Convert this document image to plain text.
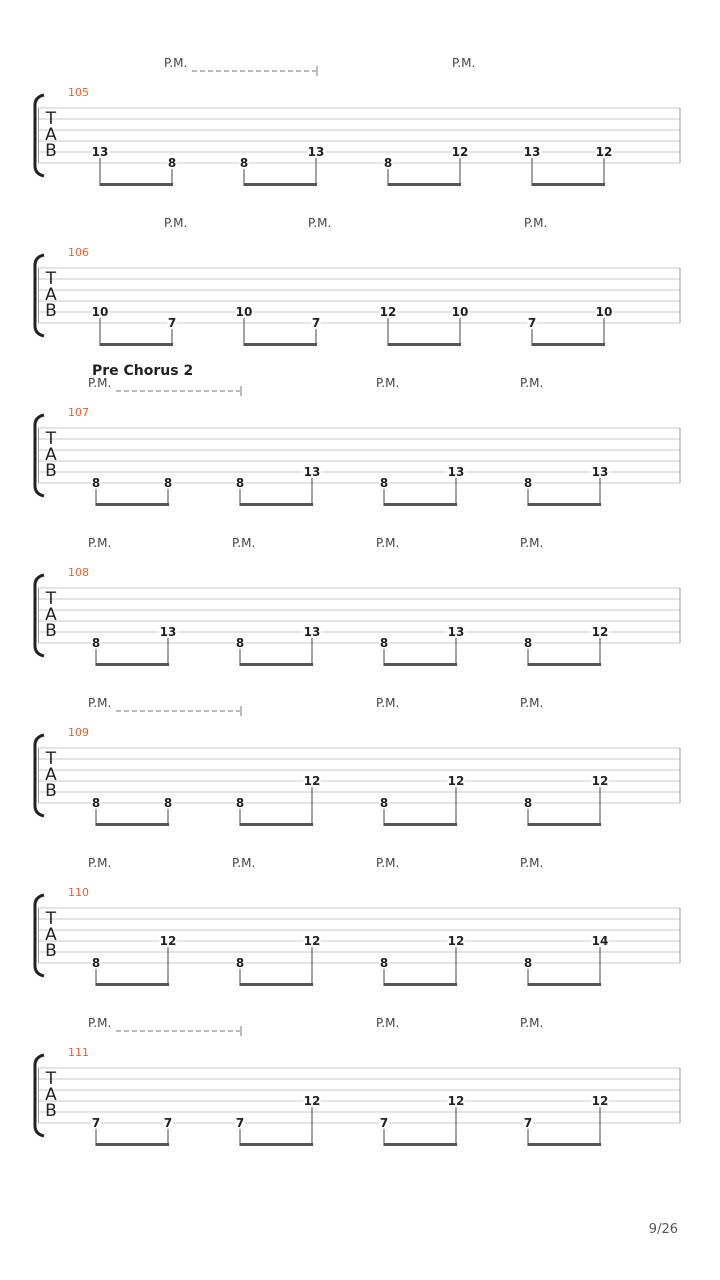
T
A
B
105
P.M.	P.M.
13
8	8
13
8
12	13	12
T
A
B
106
P.M.	P.M.	P.M.
10
7
10
7
12	10
7
10
T
A
B
107
Pre Chorus 2
P.M.	P.M.	P.M.
8	8	8
13
8
13
8
13
T
A
B
108
P.M.	P.M.	P.M.	P.M.
8
13
8
13
8
13
8
12
T
A
B
109
P.M.	P.M.	P.M.
8	8	8
12
8
12
8
12
T
A
B
110
P.M.	P.M.	P.M.	P.M.
8
12
8
12
8
12
8
14
T
A
B
111
P.M.	P.M.	P.M.
7	7	7
12
7
12
7
12
9/26
